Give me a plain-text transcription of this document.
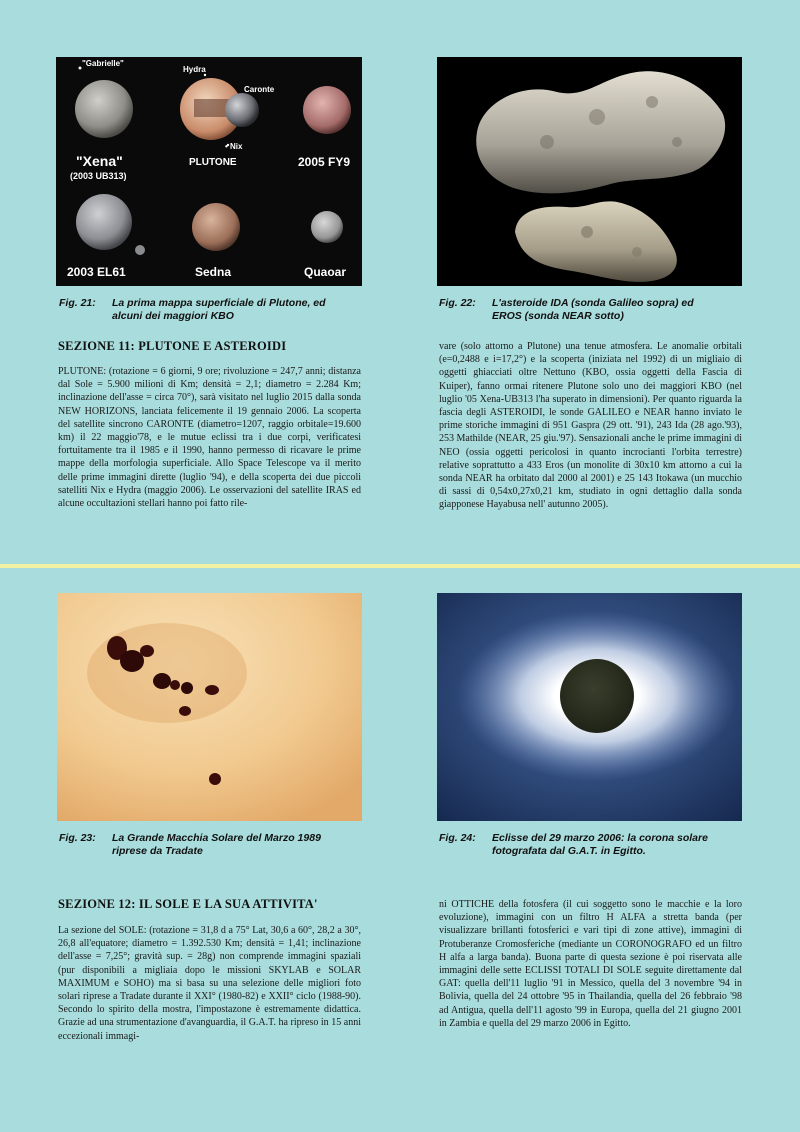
"Gabrielle"
Hydra
Caronte
• Nix
"Xena"
(2003 UB313)
PLUTONE	2005 FY9
2003 EL61	Sedna	Quaoar
Fig. 21: La prima mappa superficiale di Plutone, ed alcuni dei maggiori KBO
Fig. 22: L'asteroide IDA (sonda Galileo sopra) ed EROS (sonda NEAR sotto)
SEZIONE 11: PLUTONE E ASTEROIDI
PLUTONE: (rotazione = 6 giorni, 9 ore; rivoluzione = 247,7 anni; distanza dal Sole = 5.900 milioni di Km; densità = 2,1; diametro = 2.284 Km; inclinazione dell'asse = circa 70°), sarà visitato nel luglio 2015 dalla sonda NEW HORIZONS, lanciata felicemente il 19 gennaio 2006. La scoperta del satellite sincrono CARONTE (diametro=1207, raggio orbitale=19.600 km) il 22 maggio'78, e le mutue eclissi tra i due corpi, verificatesi fortuitamente tra il 1985 e il 1990, hanno permesso di ricavare le prime mappe della morfologia superficiale. Allo Space Telescope va il merito delle prime immagini dirette (luglio '94), e della scoperta dei due piccoli satelliti Nix e Hydra (maggio 2006). Le osservazioni del satellite IRAS ed alcune occultazioni stellari hanno poi fatto rile-
vare (solo attorno a Plutone) una tenue atmosfera. Le anomalie orbitali (e=0,2488 e i=17,2°) e la scoperta (iniziata nel 1992) di un migliaio di oggetti ghiacciati oltre Nettuno (KBO, ossia oggetti della Fascia di Kuiper), fanno ormai ritenere Plutone solo uno dei maggiori KBO (nel luglio '05 Xena-UB313 l'ha superato in dimensioni). Per quanto riguarda la fascia degli ASTEROIDI, le sonde GALILEO e NEAR hanno inviato le prime storiche immagini di 951 Gaspra (29 ott. '91), 243 Ida (28 ago.'93), 253 Mathilde (NEAR, 25 giu.'97). Sensazionali anche le prime immagini di NEO (ossia oggetti pericolosi in quanto incrocianti l'orbita terrestre) relative soprattutto a 433 Eros (un monolite di 30x10 km attorno a cui la sonda NEAR ha orbitato dal 2000 al 2001) e 25 143 Itokawa (un mucchio di sassi di 0,54x0,27x0,21 km, studiato in ogni dettaglio dalla sonda giapponese Hayabusa nell' autunno 2005).
Fig. 23: La Grande Macchia Solare del Marzo 1989 riprese da Tradate
Fig. 24: Eclisse del 29 marzo 2006: la corona solare fotografata dal G.A.T. in Egitto.
SEZIONE 12: IL SOLE E LA SUA ATTIVITA'
La sezione del SOLE: (rotazione = 31,8 d a 75° Lat, 30,6 a 60°, 28,2 a 30°, 26,8 all'equatore; diametro = 1.392.530 Km; densità = 1,41; inclinazione dell'asse = 7,25°; gravità sup. = 28g) non comprende immagini spaziali (pur disponibili a migliaia dopo le missioni SKYLAB e SOLAR MAXIMUM e SOHO) ma si basa su una selezione delle migliori foto solari riprese a Tradate durante il XXI° (1980-82) e XXII° ciclo (1988-90). Secondo lo spirito della mostra, l'impostazone è estremamente didattica. Grazie ad una strumentazione d'avanguardia, il G.A.T. ha ripreso in 15 anni eccezionali immagi-
ni OTTICHE della fotosfera (il cui soggetto sono le macchie e la loro evoluzione), immagini con un filtro H ALFA a stretta banda (per visualizzare brillanti fotosferici e vari tipi di zone attive), immagini di Protuberanze Cromosferiche (mediante un CORONOGRAFO ed un filtro H alfa a larga banda). Buona parte di questa sezione è poi riservata alle immagini delle sette ECLISSI TOTALI DI SOLE seguite direttamente dal GAT: quella dell'11 luglio '91 in Messico, quella del 3 novembre '94 in Bolivia, quella del 24 ottobre '95 in Thailandia, quella del 26 febbraio '98 ad Antigua, quella dell'11 agosto '99 in Europa, quella del 21 giugno 2001 in Zambia e quella del 29 marzo 2006 in Egitto.
